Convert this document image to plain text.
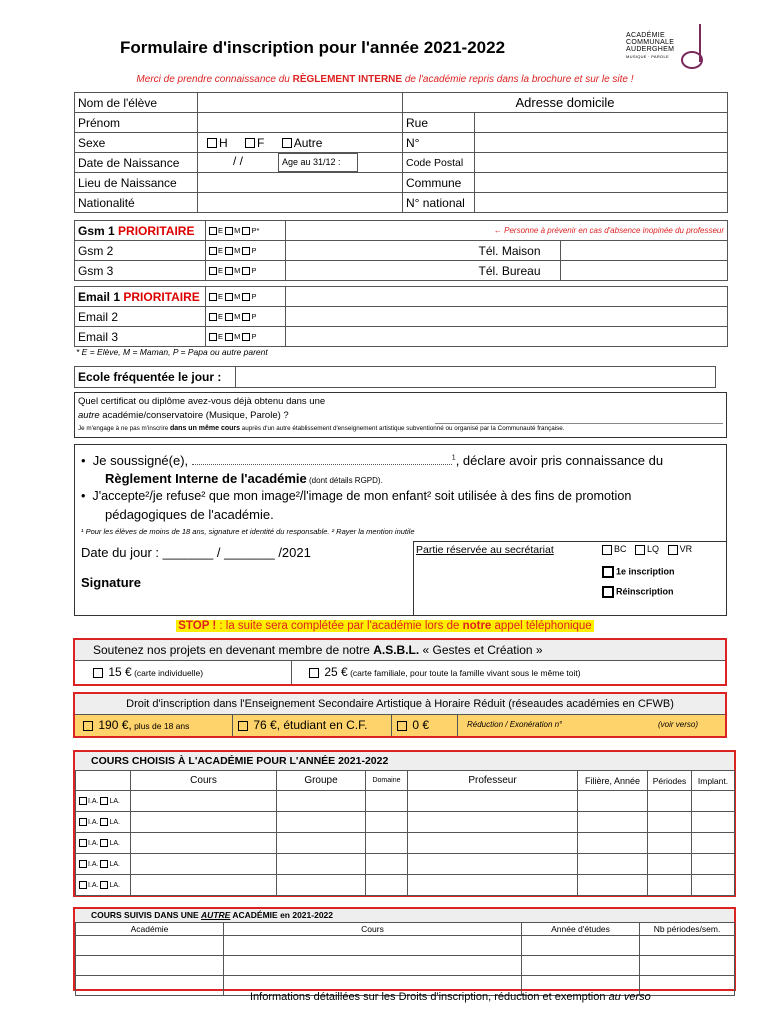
Formulaire d'inscription pour l'année 2021-2022
ACADÉMIE
COMMUNALE
AUDERGHEM
MUSIQUE · PAROLE
Merci de prendre connaissance du RÈGLEMENT INTERNE de l'académie repris dans la brochure et sur le site !
Nom de l'élève		Adresse domicile	
Prénom		Rue	
Sexe	H F Autre	N°	
Date de Naissance	/ / Age au 31/12 :	Code Postal	
Lieu de Naissance		Commune	
Nationalité		N° national	
Gsm 1 PRIORITAIRE	E M P*	← Personne à prévenir en cas d'absence inopinée du professeur		
Gsm 2	E M P		Tél. Maison	
Gsm 3	E M P		Tél. Bureau	
Email 1 PRIORITAIRE	E M P	
Email 2	E M P	
Email 3	E M P	
* E = Elève, M = Maman, P = Papa ou autre parent
Ecole fréquentée le jour :		
Quel certificat ou diplôme avez-vous déjà obtenu dans une
autre académie/conservatoire (Musique, Parole) ?
Je m'engage à ne pas m'inscrire dans un même cours auprès d'un autre établissement d'enseignement artistique subventionné ou organisé par la Communauté française.
•  Je soussigné(e),	$^1$, déclare avoir pris connaissance du
Règlement Interne de l'académie (dont détails RGPD).
•  J'accepte²/je refuse² que mon image²/l'image de mon enfant² soit utilisée à des fins de promotion
pédagogiques de l'académie.
¹ Pour les élèves de moins de 18 ans, signature et identité du responsable. ² Rayer la mention inutile
Date du jour : _______ / _______ /2021
Signature
Partie réservée au secrétariat	BC LQ VR
1e inscription
Réinscription
STOP ! : la suite sera complétée par l'académie lors de notre appel téléphonique
Soutenez nos projets en devenant membre de notre A.S.B.L. « Gestes et Création »
15 € (carte individuelle)	25 € (carte familiale, pour toute la famille vivant sous le même toit)
Droit d'inscription dans l'Enseignement Secondaire Artistique à Horaire Réduit (réseaudes académies en CFWB)
190 €, plus de 18 ans	76 €, étudiant en C.F.	0 €	Réduction / Exonération n°	(voir verso)
COURS CHOISIS À L'ACADÉMIE POUR L'ANNÉE 2021-2022
	Cours	Groupe	Domaine	Professeur	Filière, Année	Périodes	Implant.
I.A. LA.							
I.A. LA.							
I.A. LA.							
I.A. LA.							
I.A. LA.							
COURS SUIVIS DANS UNE AUTRE ACADÉMIE en 2021-2022
Académie	Cours	Année d'études	Nb périodes/sem.

Informations détaillées sur les Droits d'inscription, réduction et exemption au verso
